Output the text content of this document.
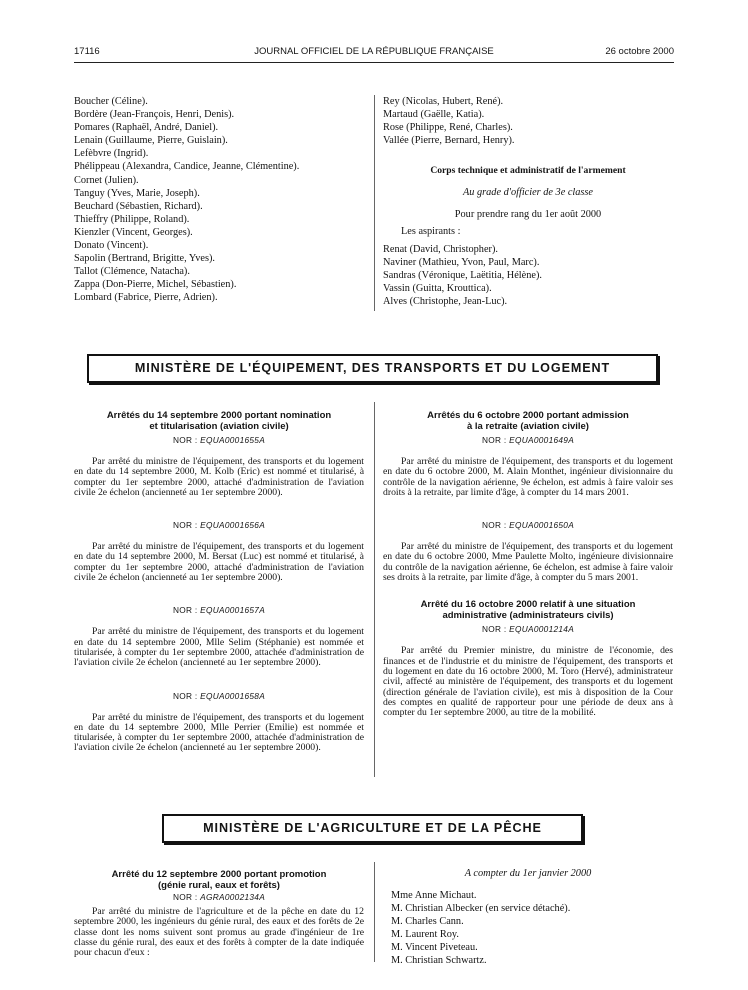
17116	JOURNAL OFFICIEL DE LA RÉPUBLIQUE FRANÇAISE	26 octobre 2000
Boucher (Céline).
Bordère (Jean-François, Henri, Denis).
Pomares (Raphaël, André, Daniel).
Lenain (Guillaume, Pierre, Guislain).
Lefèbvre (Ingrid).
Phélippeau (Alexandra, Candice, Jeanne, Clémentine).
Cornet (Julien).
Tanguy (Yves, Marie, Joseph).
Beuchard (Sébastien, Richard).
Thieffry (Philippe, Roland).
Kienzler (Vincent, Georges).
Donato (Vincent).
Sapolin (Bertrand, Brigitte, Yves).
Tallot (Clémence, Natacha).
Zappa (Don-Pierre, Michel, Sébastien).
Lombard (Fabrice, Pierre, Adrien).
Rey (Nicolas, Hubert, René).
Martaud (Gaëlle, Katia).
Rose (Philippe, René, Charles).
Vallée (Pierre, Bernard, Henry).
Corps technique et administratif de l'armement
Au grade d'officier de 3e classe
Pour prendre rang du 1er août 2000
Les aspirants :
Renat (David, Christopher).
Naviner (Mathieu, Yvon, Paul, Marc).
Sandras (Véronique, Laëtitia, Hélène).
Vassin (Guitta, Krouttica).
Alves (Christophe, Jean-Luc).
MINISTÈRE DE L'ÉQUIPEMENT, DES TRANSPORTS ET DU LOGEMENT
Arrêtés du 14 septembre 2000 portant nomination
et titularisation (aviation civile)
NOR : EQUA0001655A
Par arrêté du ministre de l'équipement, des transports et du logement en date du 14 septembre 2000, M. Kolb (Eric) est nommé et titularisé, à compter du 1er septembre 2000, attaché d'administration de l'aviation civile 2e échelon (ancienneté au 1er septembre 2000).
NOR : EQUA0001656A
Par arrêté du ministre de l'équipement, des transports et du logement en date du 14 septembre 2000, M. Bersat (Luc) est nommé et titularisé, à compter du 1er septembre 2000, attaché d'administration de l'aviation civile 2e échelon (ancienneté au 1er septembre 2000).
NOR : EQUA0001657A
Par arrêté du ministre de l'équipement, des transports et du logement en date du 14 septembre 2000, Mlle Selim (Stéphanie) est nommée et titularisée, à compter du 1er septembre 2000, attachée d'administration de l'aviation civile 2e échelon (ancienneté au 1er septembre 2000).
NOR : EQUA0001658A
Par arrêté du ministre de l'équipement, des transports et du logement en date du 14 septembre 2000, Mlle Perrier (Emilie) est nommée et titularisée, à compter du 1er septembre 2000, attachée d'administration de l'aviation civile 2e échelon (ancienneté au 1er septembre 2000).
Arrêtés du 6 octobre 2000 portant admission
à la retraite (aviation civile)
NOR : EQUA0001649A
Par arrêté du ministre de l'équipement, des transports et du logement en date du 6 octobre 2000, M. Alain Monthet, ingénieur divisionnaire du contrôle de la navigation aérienne, 9e échelon, est admis à faire valoir ses droits à la retraite, par limite d'âge, à compter du 14 mars 2001.
NOR : EQUA0001650A
Par arrêté du ministre de l'équipement, des transports et du logement en date du 6 octobre 2000, Mme Paulette Molto, ingénieure divisionnaire du contrôle de la navigation aérienne, 6e échelon, est admise à faire valoir ses droits à la retraite, par limite d'âge, à compter du 5 mars 2001.
Arrêté du 16 octobre 2000 relatif à une situation
administrative (administrateurs civils)
NOR : EQUA0001214A
Par arrêté du Premier ministre, du ministre de l'économie, des finances et de l'industrie et du ministre de l'équipement, des transports et du logement en date du 16 octobre 2000, M. Toro (Hervé), administrateur civil, affecté au ministère de l'équipement, des transports et du logement (direction générale de l'aviation civile), est mis à disposition de la Cour des comptes en qualité de rapporteur pour une période de deux ans à compter du 1er septembre 2000, au titre de la mobilité.
MINISTÈRE DE L'AGRICULTURE ET DE LA PÊCHE
Arrêté du 12 septembre 2000 portant promotion
(génie rural, eaux et forêts)
NOR : AGRA0002134A
Par arrêté du ministre de l'agriculture et de la pêche en date du 12 septembre 2000, les ingénieurs du génie rural, des eaux et des forêts de 2e classe dont les noms suivent sont promus au grade d'ingénieur de 1re classe du génie rural, des eaux et des forêts à compter de la date indiquée pour chacun d'eux :
A compter du 1er janvier 2000
Mme Anne Michaut.
M. Christian Albecker (en service détaché).
M. Charles Cann.
M. Laurent Roy.
M. Vincent Piveteau.
M. Christian Schwartz.
